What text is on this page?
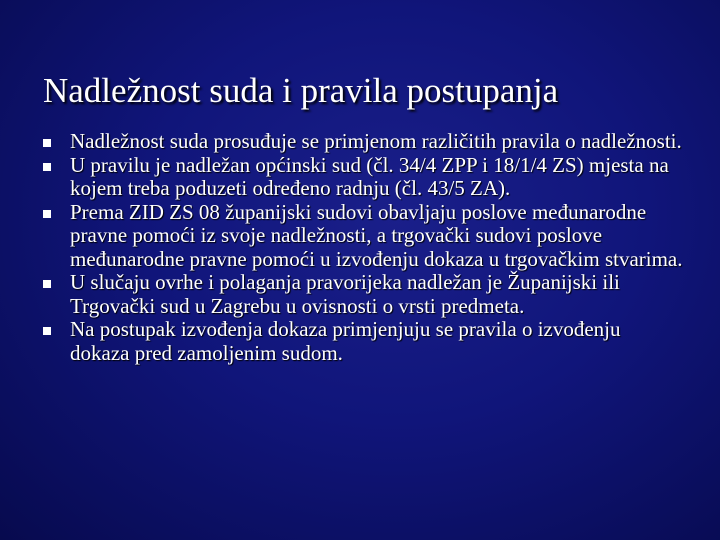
Nadležnost suda i pravila postupanja
Nadležnost suda prosuđuje se primjenom različitih pravila o nadležnosti.
U pravilu je nadležan općinski sud (čl. 34/4 ZPP i 18/1/4 ZS) mjesta na kojem treba poduzeti određeno radnju (čl. 43/5 ZA).
Prema ZID ZS 08 županijski sudovi obavljaju poslove međunarodne pravne pomoći iz svoje nadležnosti, a trgovački sudovi poslove međunarodne pravne pomoći u izvođenju dokaza u trgovačkim stvarima.
U slučaju ovrhe i polaganja pravorijeka nadležan je Županijski ili Trgovački sud u Zagrebu u ovisnosti o vrsti predmeta.
Na postupak izvođenja dokaza primjenjuju se pravila o izvođenju dokaza pred zamoljenim sudom.
